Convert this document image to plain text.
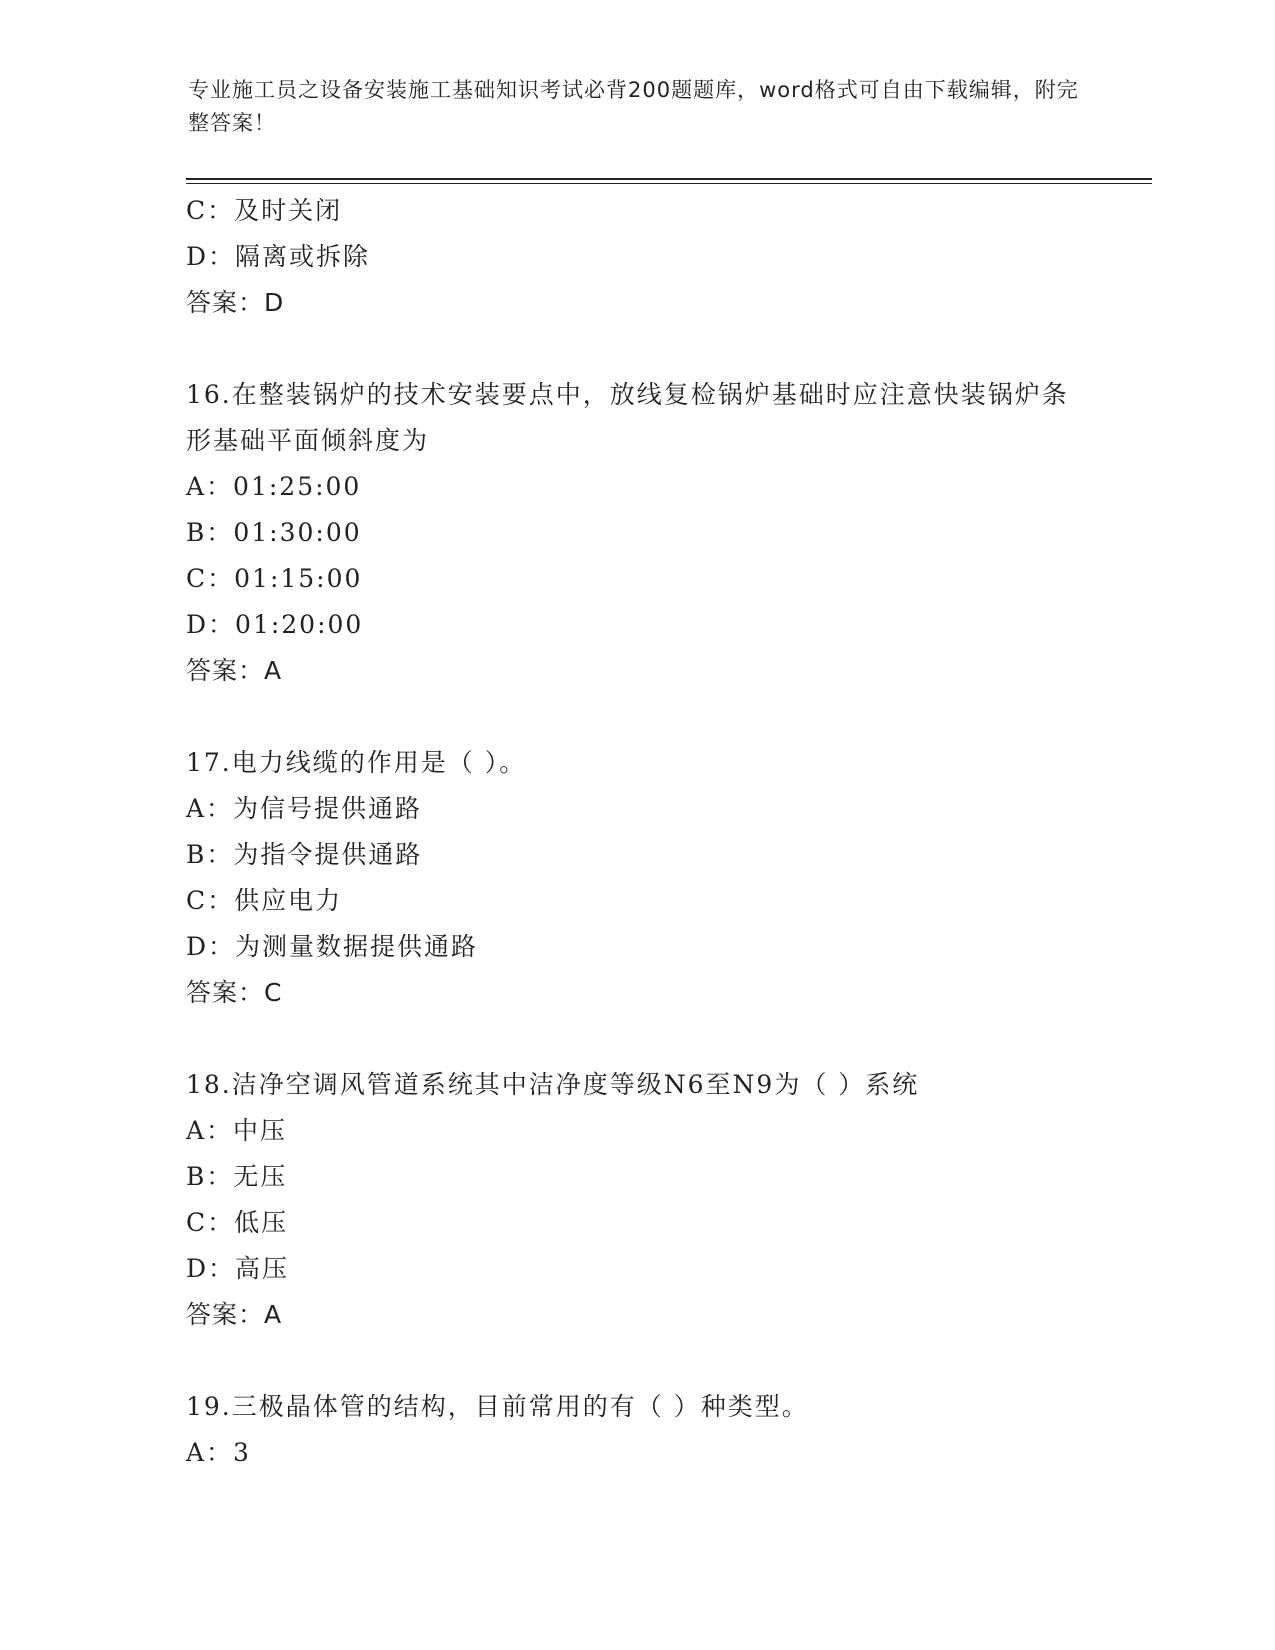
专业施工员之设备安装施工基础知识考试必背200题题库，word格式可自由下载编辑，附完整答案！
C：及时关闭
D：隔离或拆除
答案：D
16.在整装锅炉的技术安装要点中，放线复检锅炉基础时应注意快装锅炉条形基础平面倾斜度为
A：01:25:00
B：01:30:00
C：01:15:00
D：01:20:00
答案：A
17.电力线缆的作用是（ ）。
A：为信号提供通路
B：为指令提供通路
C：供应电力
D：为测量数据提供通路
答案：C
18.洁净空调风管道系统其中洁净度等级N6至N9为（ ）系统
A：中压
B：无压
C：低压
D：高压
答案：A
19.三极晶体管的结构，目前常用的有（ ）种类型。
A：3
